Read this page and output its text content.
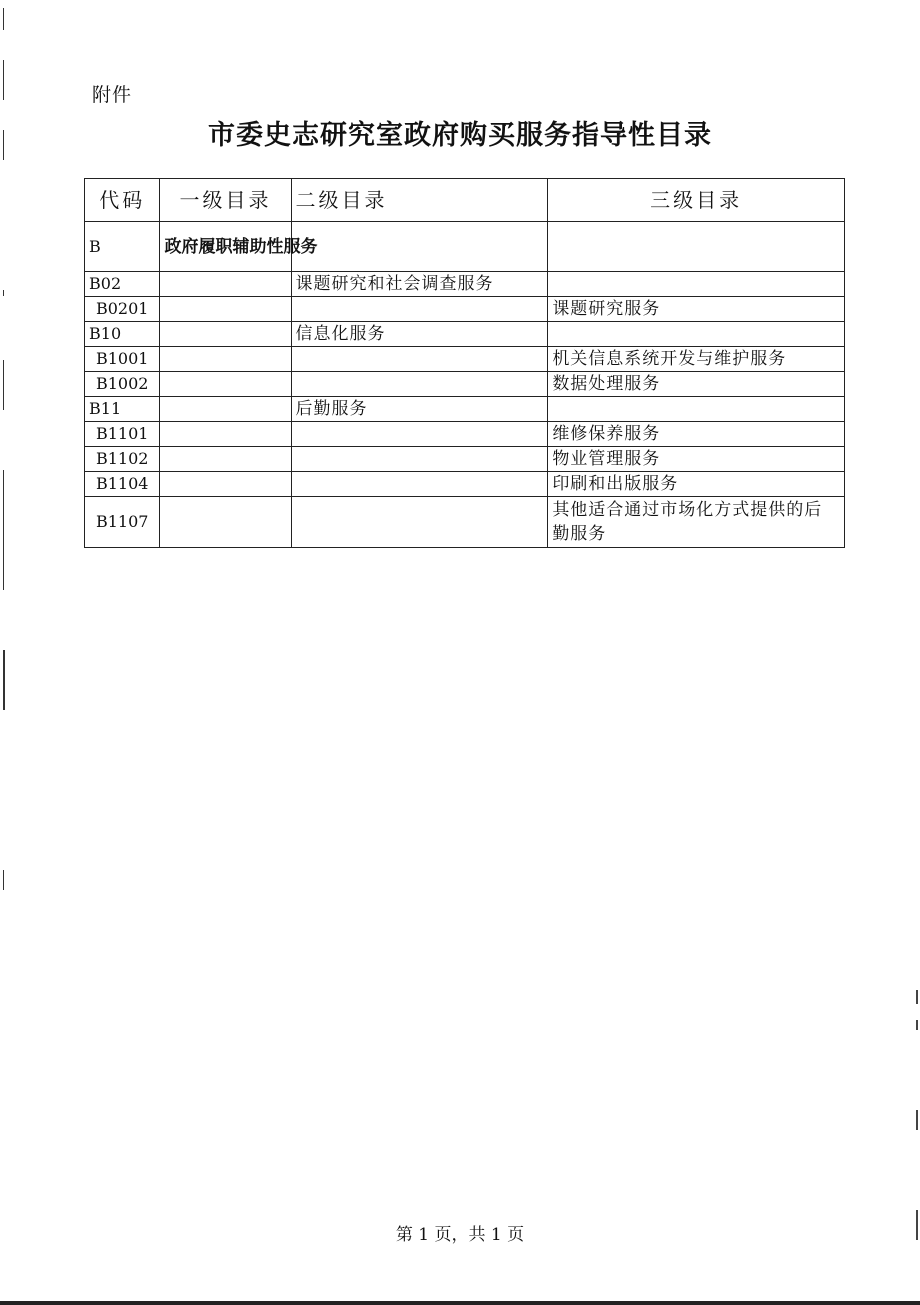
附件
市委史志研究室政府购买服务指导性目录
代码	一级目录	二级目录	三级目录
B	政府履职辅助性服务		
B02		课题研究和社会调查服务	
B0201			课题研究服务
B10		信息化服务	
B1001			机关信息系统开发与维护服务
B1002			数据处理服务
B11		后勤服务	
B1101			维修保养服务
B1102			物业管理服务
B1104			印刷和出版服务
B1107			其他适合通过市场化方式提供的后勤服务
第 1 页，共 1 页
